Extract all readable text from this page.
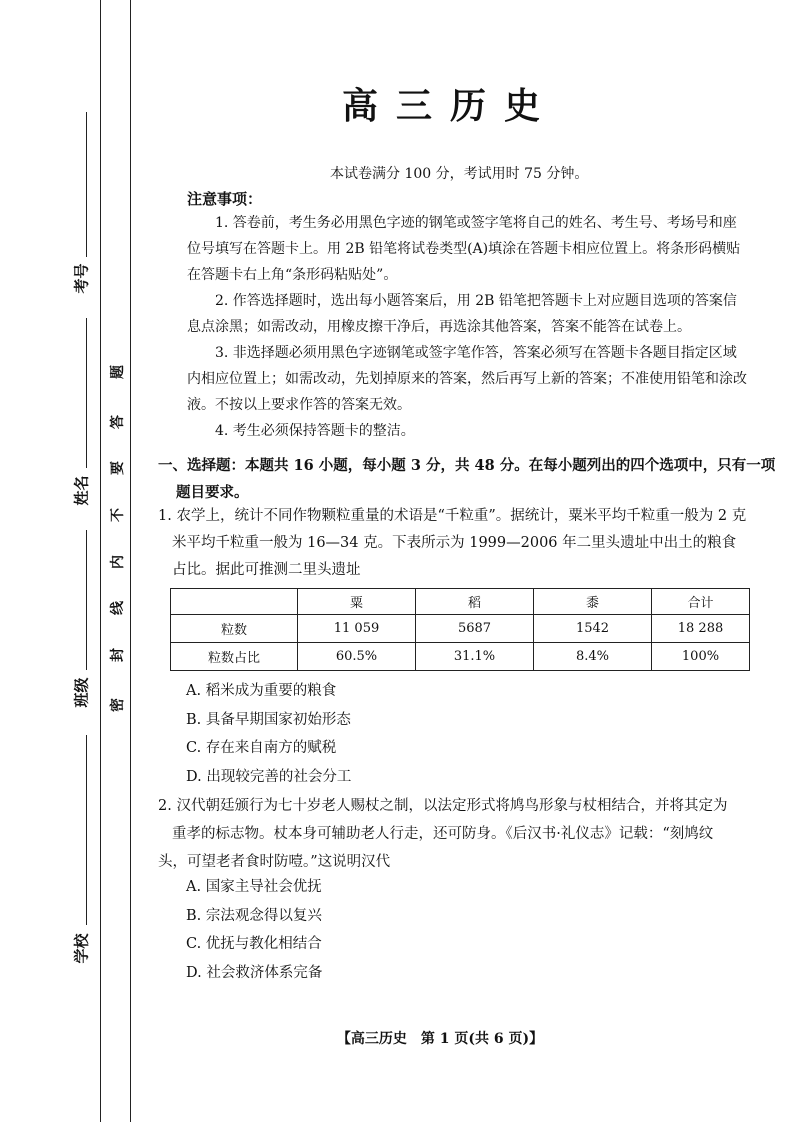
密
封
线
内
不
要
答
题
考号
姓名
班级
学校
高三历史
本试卷满分 100 分，考试用时 75 分钟。
注意事项：

1. 答卷前，考生务必用黑色字迹的钢笔或签字笔将自己的姓名、考生号、考场号和座位号填写在答题卡上。用 2B 铅笔将试卷类型(A)填涂在答题卡相应位置上。将条形码横贴在答题卡右上角“条形码粘贴处”。

2. 作答选择题时，选出每小题答案后，用 2B 铅笔把答题卡上对应题目选项的答案信息点涂黑；如需改动，用橡皮擦干净后，再选涂其他答案，答案不能答在试卷上。

3. 非选择题必须用黑色字迹钢笔或签字笔作答，答案必须写在答题卡各题目指定区域内相应位置上；如需改动，先划掉原来的答案，然后再写上新的答案；不准使用铅笔和涂改液。不按以上要求作答的答案无效。

4. 考生必须保持答题卡的整洁。

一、选择题：本题共 16 小题，每小题 3 分，共 48 分。在每小题列出的四个选项中，只有一项
题目要求。

1. 农学上，统计不同作物颗粒重量的术语是“千粒重”。据统计，粟米平均千粒重一般为 2 克

米平均千粒重一般为 16—34 克。下表所示为 1999—2006 年二里头遗址中出土的粮食

占比。据此可推测二里头遗址

	粟	稻	黍	合计
粒数	11 059	5687	1542	18 288
粒数占比	60.5%	31.1%	8.4%	100%
A. 稻米成为重要的粮食
B. 具备早期国家初始形态
C. 存在来自南方的赋税
D. 出现较完善的社会分工

2. 汉代朝廷颁行为七十岁老人赐杖之制，以法定形式将鸠鸟形象与杖相结合，并将其定为

重孝的标志物。杖本身可辅助老人行走，还可防身。《后汉书·礼仪志》记载：“刻鸠纹

头，可望老者食时防噎。”这说明汉代

A. 国家主导社会优抚
B. 宗法观念得以复兴
C. 优抚与教化相结合
D. 社会救济体系完备
【高三历史　第 1 页(共 6 页)】
